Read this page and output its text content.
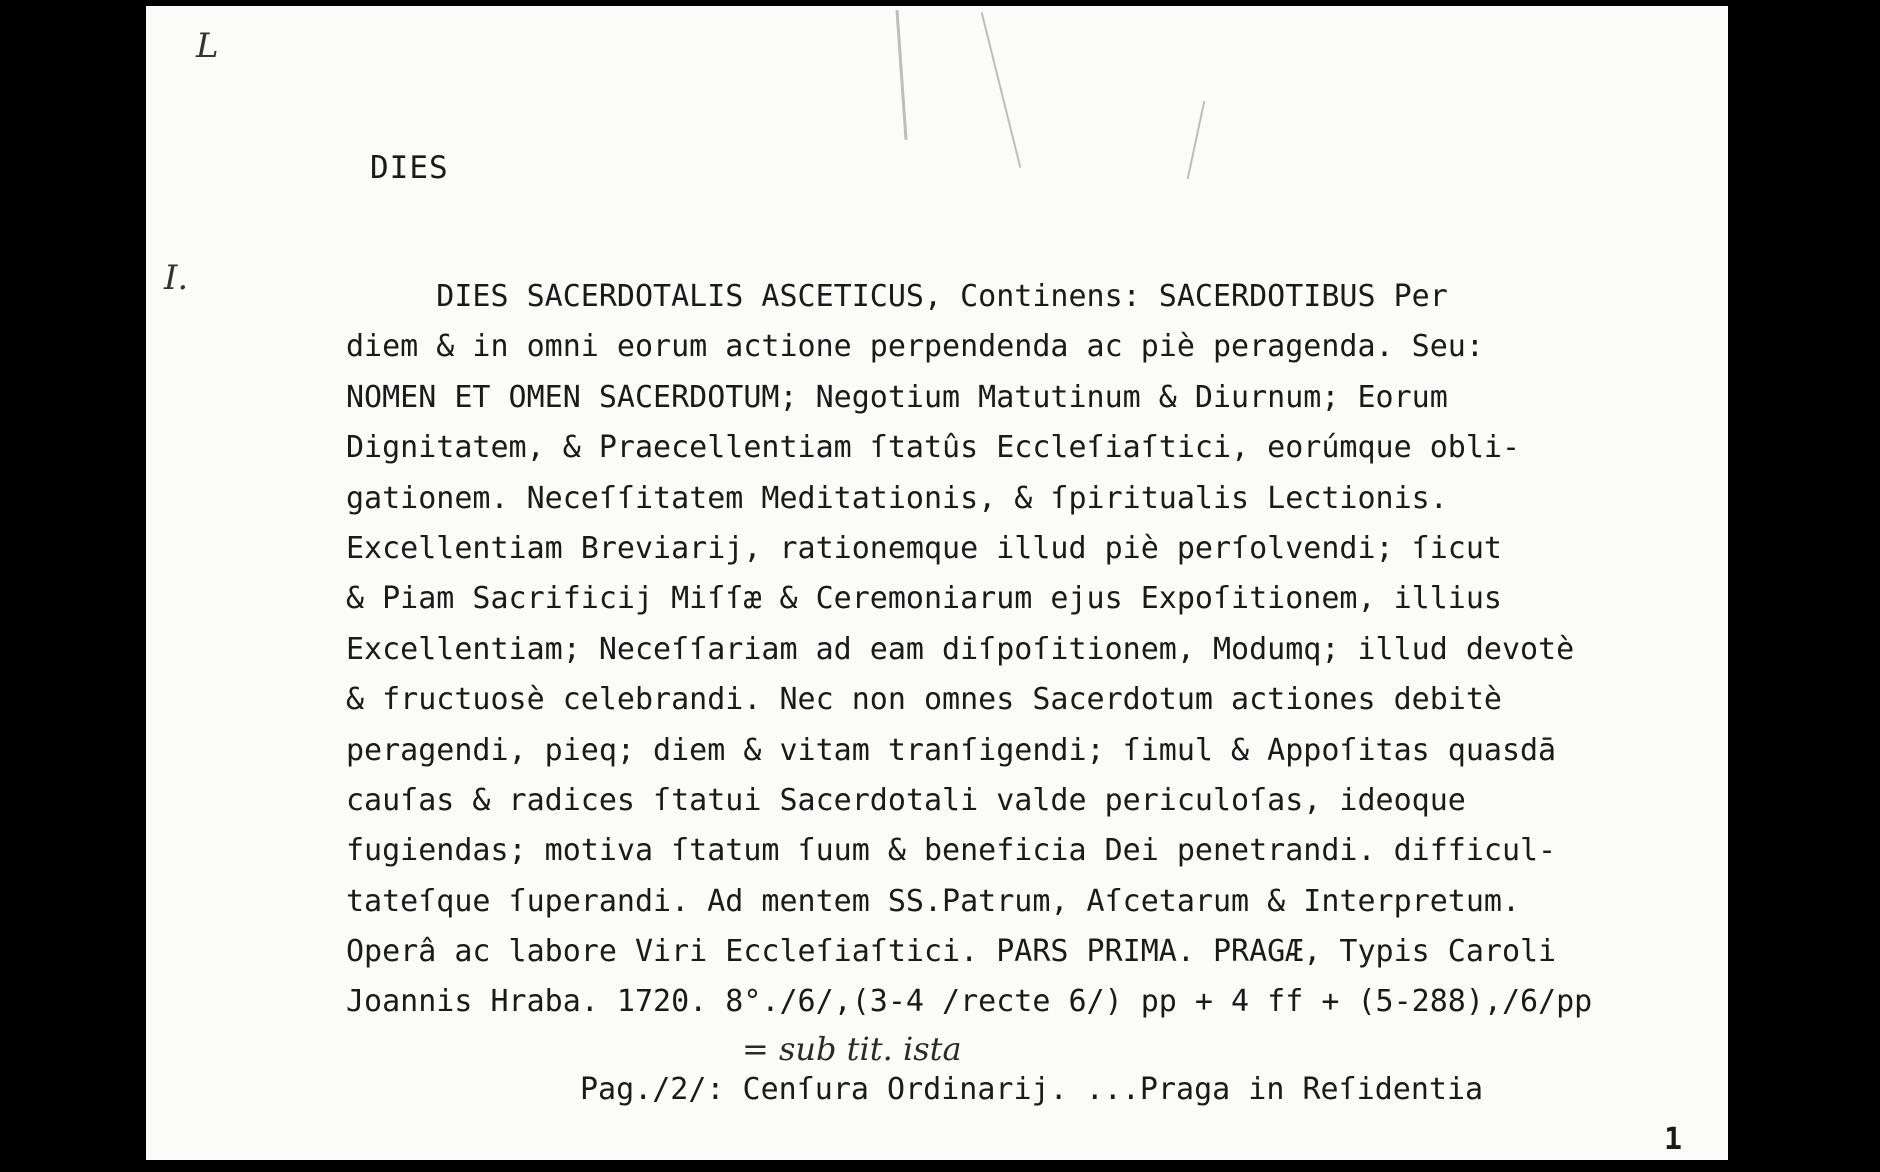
L
I.
DIES
DIES SACERDOTALIS ASCETICUS, Continens: SACERDOTIBUS Per
diem & in omni eorum actione perpendenda ac piè peragenda. Seu:
NOMEN ET OMEN SACERDOTUM; Negotium Matutinum & Diurnum; Eorum
Dignitatem, & Praecellentiam ſtatûs Eccleſiaſtici, eorúmque obli-
gationem. Neceſſitatem Meditationis, & ſpiritualis Lectionis.
Excellentiam Breviarij, rationemque illud piè perſolvendi; ſicut
& Piam Sacrificij Miſſæ & Ceremoniarum ejus Expoſitionem, illius
Excellentiam; Neceſſariam ad eam diſpoſitionem, Modumq; illud devotè
& fructuosè celebrandi. Nec non omnes Sacerdotum actiones debitè
peragendi, pieq; diem & vitam tranſigendi; ſimul & Appoſitas quasdā
cauſas & radices ſtatui Sacerdotali valde periculoſas, ideoque
fugiendas; motiva ſtatum ſuum & beneficia Dei penetrandi. difficul-
tateſque ſuperandi. Ad mentem SS.Patrum, Aſcetarum & Interpretum.
Operâ ac labore Viri Eccleſiaſtici. PARS PRIMA. PRAGÆ, Typis Caroli
Joannis Hraba. 1720. 8°./6/,(3-4 /recte 6/) pp + 4 ff + (5-288),/6/pp
= sub tit. ista
Pag./2/: Cenſura Ordinarij. ...Praga in Reſidentia
1
